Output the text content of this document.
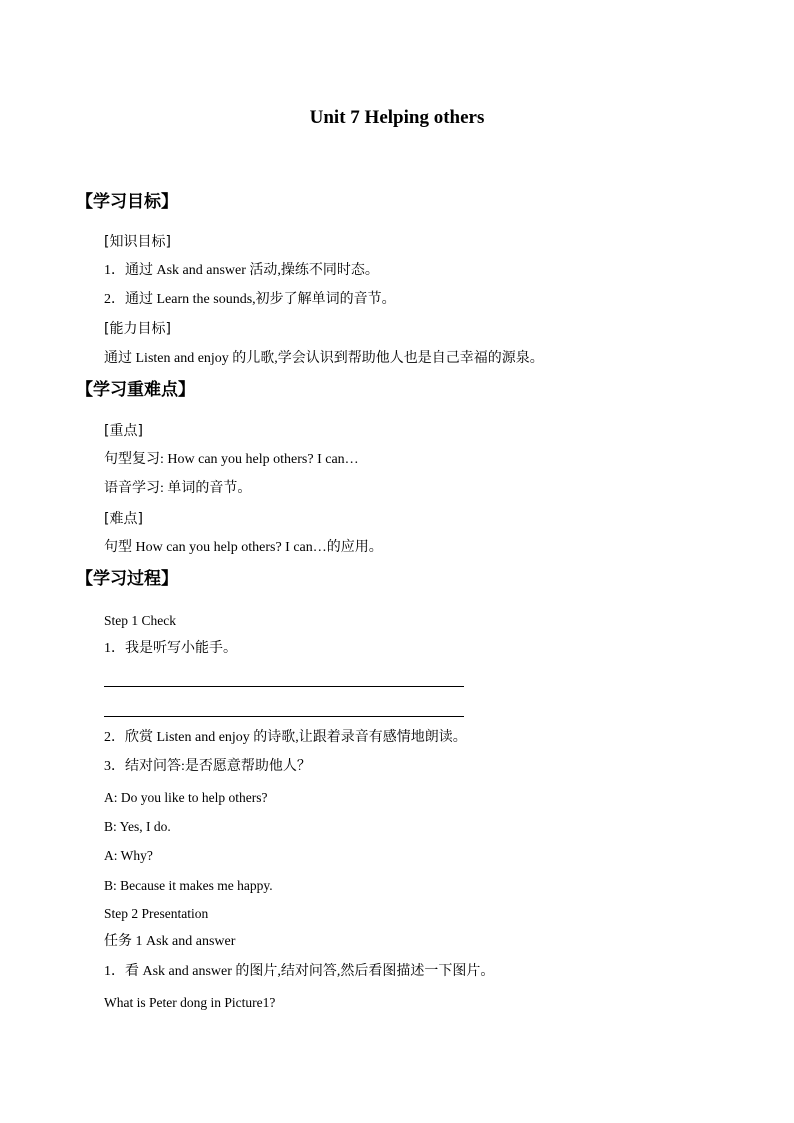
Unit 7 Helping others
【学习目标】
[知识目标]
1．通过 Ask and answer 活动,操练不同时态。
2．通过 Learn the sounds,初步了解单词的音节。
[能力目标]
通过 Listen and enjoy 的儿歌,学会认识到帮助他人也是自己幸福的源泉。
【学习重难点】
[重点]
句型复习: How can you help others? I can…
语音学习: 单词的音节。
[难点]
句型 How can you help others? I can…的应用。
【学习过程】
Step 1 Check
1．我是听写小能手。
2．欣赏 Listen and enjoy 的诗歌,让跟着录音有感情地朗读。
3．结对问答:是否愿意帮助他人？
A: Do you like to help others?
B: Yes, I do.
A: Why?
B: Because it makes me happy.
Step 2 Presentation
任务 1 Ask and answer
1．看 Ask and answer 的图片,结对问答,然后看图描述一下图片。
What is Peter dong in Picture1?
